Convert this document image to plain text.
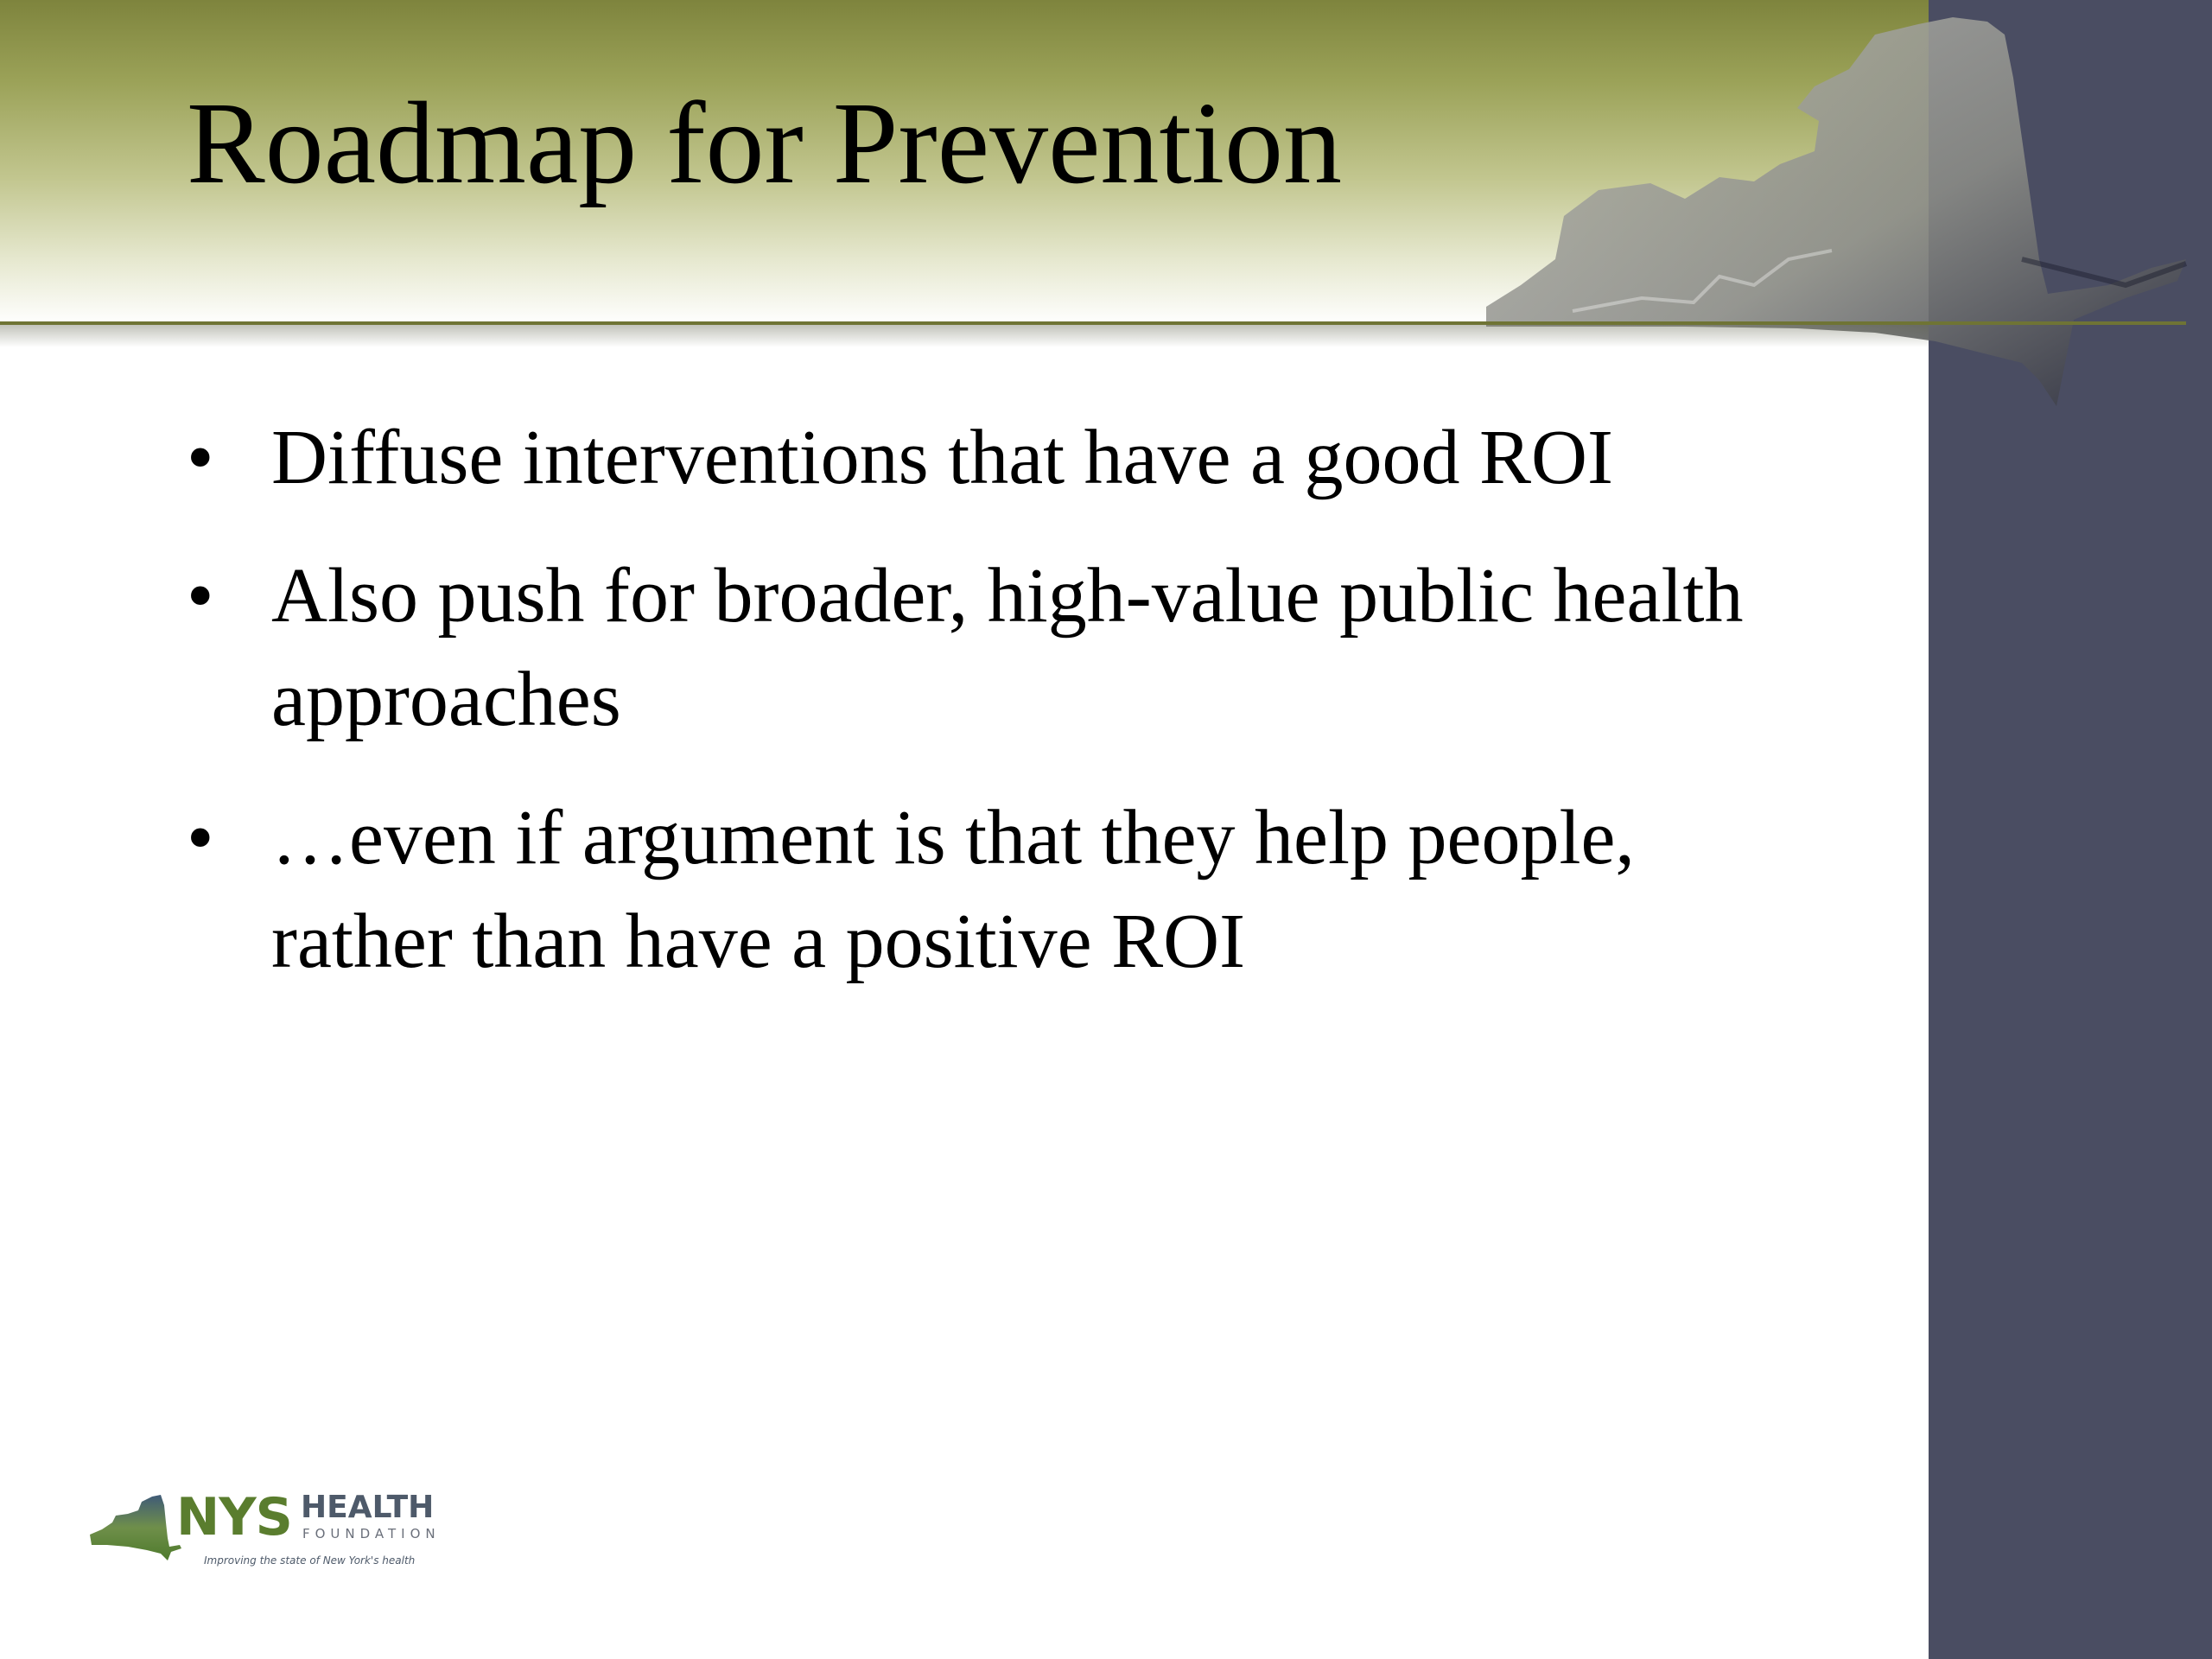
Roadmap for Prevention
• Diffuse interventions that have a good ROI
• Also push for broader, high-value public health approaches
• …even if argument is that they help people, rather than have a positive ROI
NYS HEALTH
FOUNDATION
Improving the state of New York's health
